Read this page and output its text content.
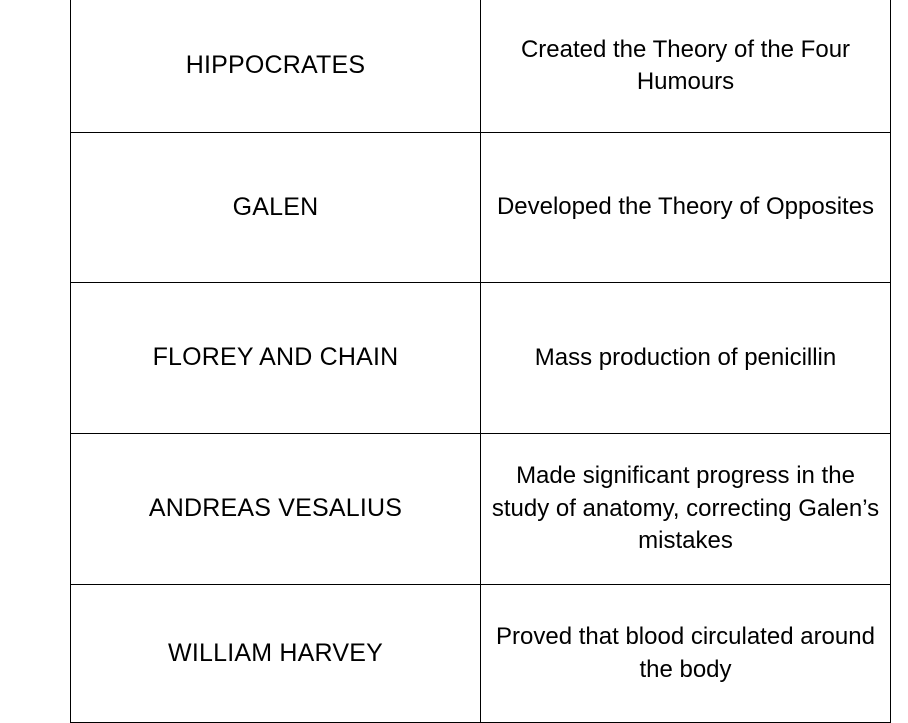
HIPPOCRATES	Created the Theory of the Four Humours
GALEN	Developed the Theory of Opposites
FLOREY AND CHAIN	Mass production of penicillin
ANDREAS VESALIUS	Made significant progress in the study of anatomy, correcting Galen’s mistakes
WILLIAM HARVEY	Proved that blood circulated around the body
